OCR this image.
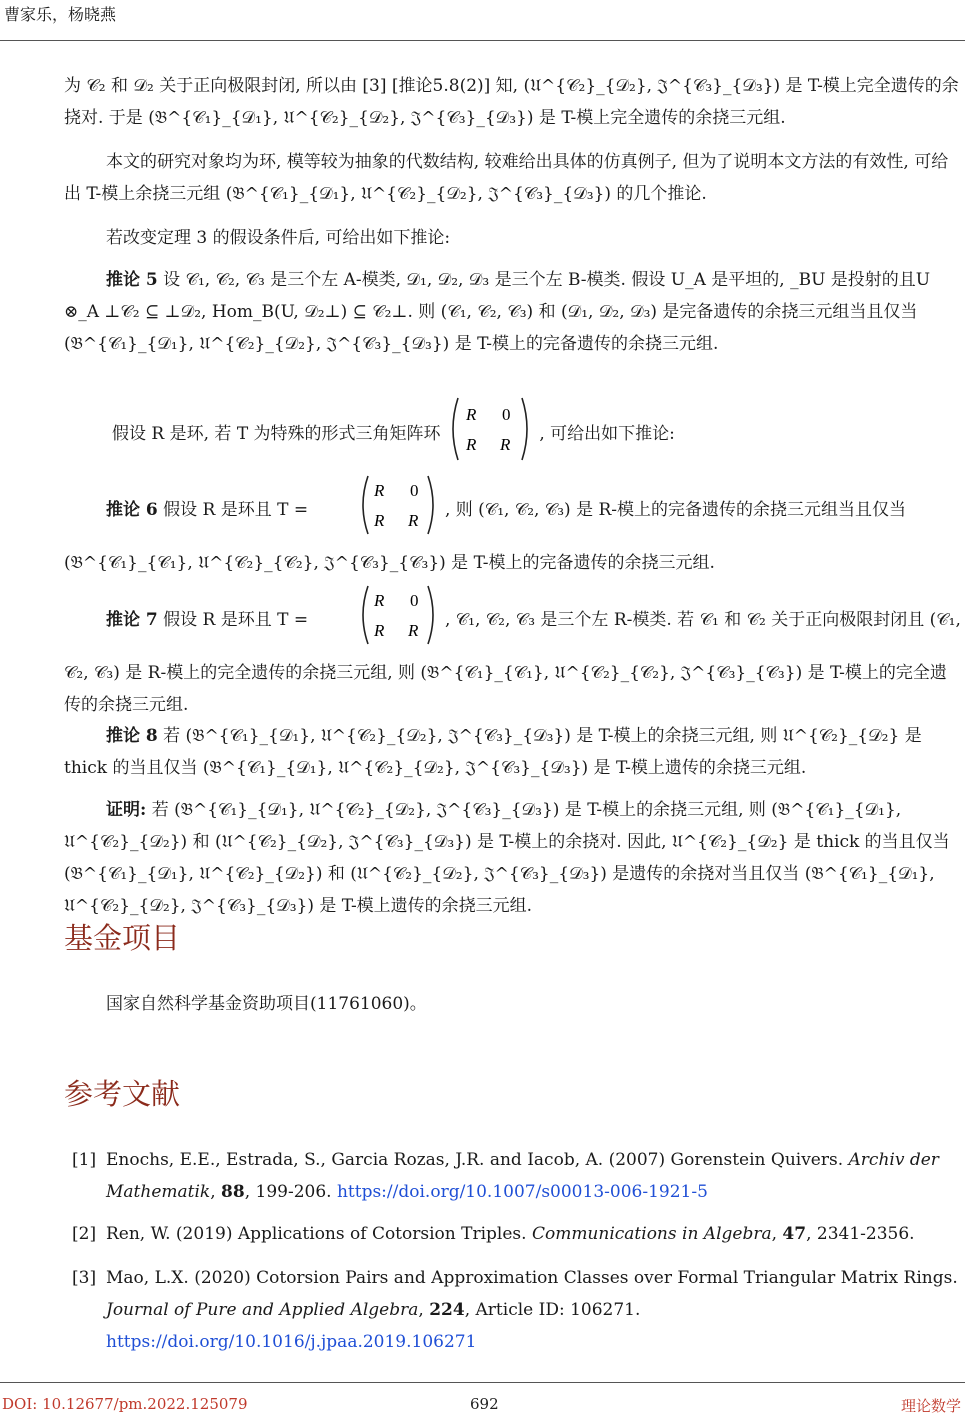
曹家乐，杨晓燕
为 𝒞₂ 和 𝒟₂ 关于正向极限封闭, 所以由 [3] [推论5.8(2)] 知, (𝔘^{𝒞₂}_{𝒟₂}, 𝔍^{𝒞₃}_{𝒟₃}) 是 T-模上完全遗传的余挠对. 于是 (𝔅^{𝒞₁}_{𝒟₁}, 𝔘^{𝒞₂}_{𝒟₂}, 𝔍^{𝒞₃}_{𝒟₃}) 是 T-模上完全遗传的余挠三元组.
本文的研究对象均为环, 模等较为抽象的代数结构, 较难给出具体的仿真例子, 但为了说明本文方法的有效性, 可给出 T-模上余挠三元组 (𝔅^{𝒞₁}_{𝒟₁}, 𝔘^{𝒞₂}_{𝒟₂}, 𝔍^{𝒞₃}_{𝒟₃}) 的几个推论.
若改变定理 3 的假设条件后, 可给出如下推论:
推论 5 设 𝒞₁, 𝒞₂, 𝒞₃ 是三个左 A-模类, 𝒟₁, 𝒟₂, 𝒟₃ 是三个左 B-模类. 假设 U_A 是平坦的, _BU 是投射的且U ⊗_A ⊥𝒞₂ ⊆ ⊥𝒟₂, Hom_B(U, 𝒟₂⊥) ⊆ 𝒞₂⊥. 则 (𝒞₁, 𝒞₂, 𝒞₃) 和 (𝒟₁, 𝒟₂, 𝒟₃) 是完备遗传的余挠三元组当且仅当 (𝔅^{𝒞₁}_{𝒟₁}, 𝔘^{𝒞₂}_{𝒟₂}, 𝔍^{𝒞₃}_{𝒟₃}) 是 T-模上的完备遗传的余挠三元组.
假设 R 是环, 若 T 为特殊的形式三角矩阵环
R 0
R R
, 可给出如下推论:
推论 6 假设 R 是环且 T =
R 0
R R
, 则 (𝒞₁, 𝒞₂, 𝒞₃) 是 R-模上的完备遗传的余挠三元组当且仅当 (𝔅^{𝒞₁}_{𝒞₁}, 𝔘^{𝒞₂}_{𝒞₂}, 𝔍^{𝒞₃}_{𝒞₃}) 是 T-模上的完备遗传的余挠三元组.
推论 7 假设 R 是环且 T =
R 0
R R
, 𝒞₁, 𝒞₂, 𝒞₃ 是三个左 R-模类. 若 𝒞₁ 和 𝒞₂ 关于正向极限封闭且 (𝒞₁, 𝒞₂, 𝒞₃) 是 R-模上的完全遗传的余挠三元组, 则 (𝔅^{𝒞₁}_{𝒞₁}, 𝔘^{𝒞₂}_{𝒞₂}, 𝔍^{𝒞₃}_{𝒞₃}) 是 T-模上的完全遗传的余挠三元组.
推论 8 若 (𝔅^{𝒞₁}_{𝒟₁}, 𝔘^{𝒞₂}_{𝒟₂}, 𝔍^{𝒞₃}_{𝒟₃}) 是 T-模上的余挠三元组, 则 𝔘^{𝒞₂}_{𝒟₂} 是 thick 的当且仅当 (𝔅^{𝒞₁}_{𝒟₁}, 𝔘^{𝒞₂}_{𝒟₂}, 𝔍^{𝒞₃}_{𝒟₃}) 是 T-模上遗传的余挠三元组.
证明: 若 (𝔅^{𝒞₁}_{𝒟₁}, 𝔘^{𝒞₂}_{𝒟₂}, 𝔍^{𝒞₃}_{𝒟₃}) 是 T-模上的余挠三元组, 则 (𝔅^{𝒞₁}_{𝒟₁}, 𝔘^{𝒞₂}_{𝒟₂}) 和 (𝔘^{𝒞₂}_{𝒟₂}, 𝔍^{𝒞₃}_{𝒟₃}) 是 T-模上的余挠对. 因此, 𝔘^{𝒞₂}_{𝒟₂} 是 thick 的当且仅当 (𝔅^{𝒞₁}_{𝒟₁}, 𝔘^{𝒞₂}_{𝒟₂}) 和 (𝔘^{𝒞₂}_{𝒟₂}, 𝔍^{𝒞₃}_{𝒟₃}) 是遗传的余挠对当且仅当 (𝔅^{𝒞₁}_{𝒟₁}, 𝔘^{𝒞₂}_{𝒟₂}, 𝔍^{𝒞₃}_{𝒟₃}) 是 T-模上遗传的余挠三元组.
基金项目
国家自然科学基金资助项目(11761060)。
参考文献
[1] Enochs, E.E., Estrada, S., Garcia Rozas, J.R. and Iacob, A. (2007) Gorenstein Quivers. Archiv der Mathematik, 88, 199-206. https://doi.org/10.1007/s00013-006-1921-5
[2] Ren, W. (2019) Applications of Cotorsion Triples. Communications in Algebra, 47, 2341-2356.
[3] Mao, L.X. (2020) Cotorsion Pairs and Approximation Classes over Formal Triangular Matrix Rings. Journal of Pure and Applied Algebra, 224, Article ID: 106271.
https://doi.org/10.1016/j.jpaa.2019.106271
DOI: 10.12677/pm.2022.125079	692	理论数学
